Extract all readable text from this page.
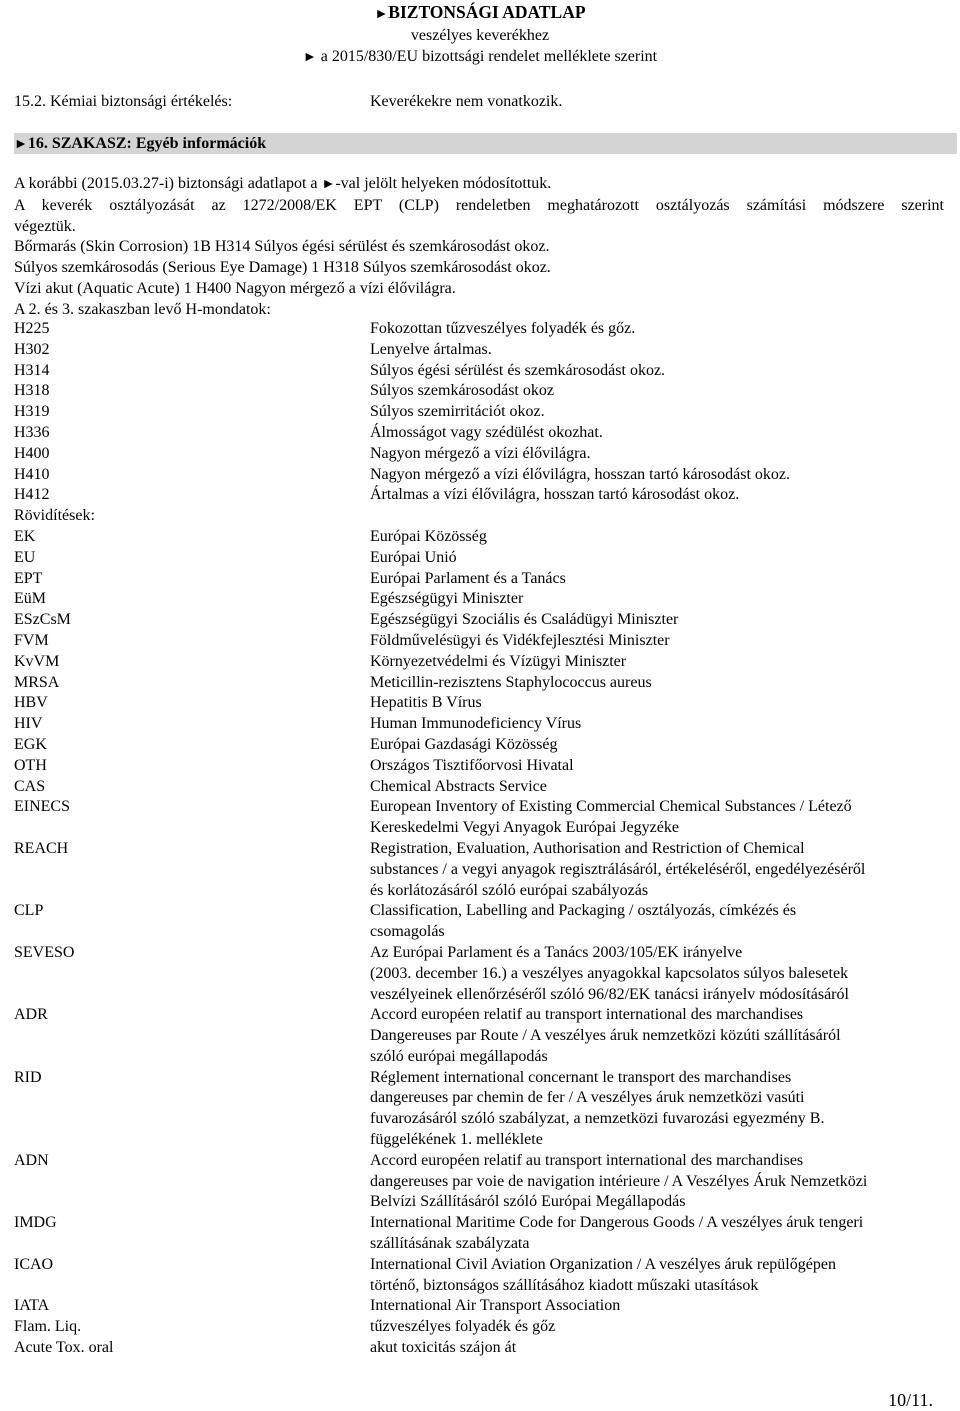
►BIZTONSÁGI ADATLAP
veszélyes keverékhez
► a 2015/830/EU bizottsági rendelet melléklete szerint
15.2. Kémiai biztonsági értékelés:	Keverékekre nem vonatkozik.
►16. SZAKASZ: Egyéb információk

A korábbi (2015.03.27-i) biztonsági adatlapot a ►-val jelölt helyeken módosítottuk.

A keverék osztályozását az 1272/2008/EK EPT (CLP) rendeletben meghatározott osztályozás számítási módszere szerint

végeztük.

Bőrmarás (Skin Corrosion) 1B H314 Súlyos égési sérülést és szemkárosodást okoz.

Súlyos szemkárosodás (Serious Eye Damage) 1 H318 Súlyos szemkárosodást okoz.

Vízi akut (Aquatic Acute) 1 H400 Nagyon mérgező a vízi élővilágra.

A 2. és 3. szakaszban levő H-mondatok:

H225	Fokozottan tűzveszélyes folyadék és gőz.
H302	Lenyelve ártalmas.
H314	Súlyos égési sérülést és szemkárosodást okoz.
H318	Súlyos szemkárosodást okoz
H319	Súlyos szemirritációt okoz.
H336	Álmosságot vagy szédülést okozhat.
H400	Nagyon mérgező a vízi élővilágra.
H410	Nagyon mérgező a vízi élővilágra, hosszan tartó károsodást okoz.
H412	Ártalmas a vízi élővilágra, hosszan tartó károsodást okoz.
Rövidítések:
EK	Európai Közösség
EU	Európai Unió
EPT	Európai Parlament és a Tanács
EüM	Egészségügyi Miniszter
ESzCsM	Egészségügyi Szociális és Családügyi Miniszter
FVM	Földművelésügyi és Vidékfejlesztési Miniszter
KvVM	Környezetvédelmi és Vízügyi Miniszter
MRSA	Meticillin-rezisztens Staphylococcus aureus
HBV	Hepatitis B Vírus
HIV	Human Immunodeficiency Vírus
EGK	Európai Gazdasági Közösség
OTH	Országos Tisztifőorvosi Hivatal
CAS	Chemical Abstracts Service
EINECS	European Inventory of Existing Commercial Chemical Substances / Létező
Kereskedelmi Vegyi Anyagok Európai Jegyzéke
REACH	Registration, Evaluation, Authorisation and Restriction of Chemical
substances / a vegyi anyagok regisztrálásáról, értékeléséről, engedélyezéséről
és korlátozásáról szóló európai szabályozás
CLP	Classification, Labelling and Packaging / osztályozás, címkézés és
csomagolás
SEVESO	Az Európai Parlament és a Tanács 2003/105/EK irányelve
(2003. december 16.) a veszélyes anyagokkal kapcsolatos súlyos balesetek
veszélyeinek ellenőrzéséről szóló 96/82/EK tanácsi irányelv módosításáról
ADR	Accord européen relatif au transport international des marchandises
Dangereuses par Route / A veszélyes áruk nemzetközi közúti szállításáról
szóló európai megállapodás
RID	Réglement international concernant le transport des marchandises
dangereuses par chemin de fer / A veszélyes áruk nemzetközi vasúti
fuvarozásáról szóló szabályzat, a nemzetközi fuvarozási egyezmény B.
függelékének 1. melléklete
ADN	Accord européen relatif au transport international des marchandises
dangereuses par voie de navigation intérieure / A Veszélyes Áruk Nemzetközi
Belvízi Szállításáról szóló Európai Megállapodás
IMDG	International Maritime Code for Dangerous Goods / A veszélyes áruk tengeri
szállításának szabályzata
ICAO	International Civil Aviation Organization / A veszélyes áruk repülőgépen
történő, biztonságos szállításához kiadott műszaki utasítások
IATA	International Air Transport Association
Flam. Liq.	tűzveszélyes folyadék és gőz
Acute Tox. oral	akut toxicitás szájon át
10/11.
